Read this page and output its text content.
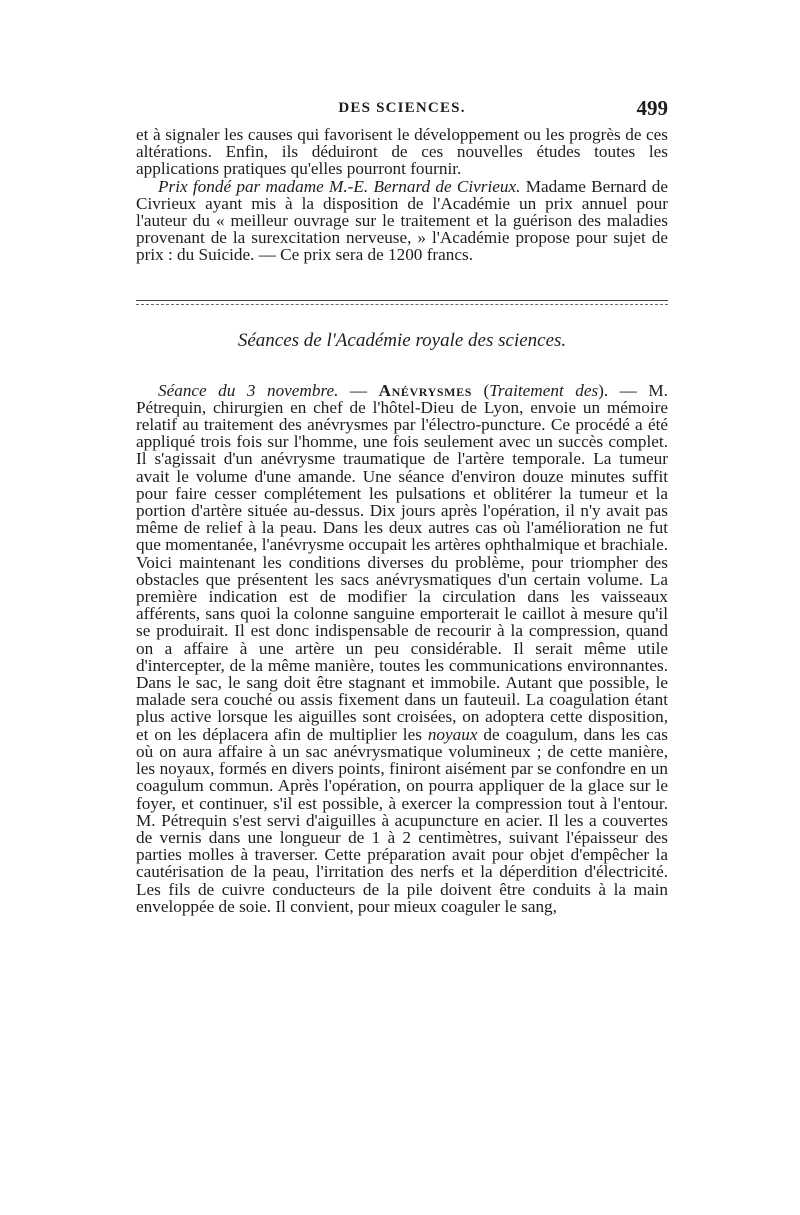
DES SCIENCES.	499

et à signaler les causes qui favorisent le développement ou les progrès de ces altérations. Enfin, ils déduiront de ces nouvelles études toutes les applications pratiques qu'elles pourront fournir.

Prix fondé par madame M.-E. Bernard de Civrieux. Madame Bernard de Civrieux ayant mis à la disposition de l'Académie un prix annuel pour l'auteur du « meilleur ouvrage sur le traitement et la guérison des maladies provenant de la surexcitation nerveuse, » l'Académie propose pour sujet de prix : du Suicide. — Ce prix sera de 1200 francs.

Séances de l'Académie royale des sciences.

Séance du 3 novembre. — Anévrysmes (Traitement des). — M. Pétrequin, chirurgien en chef de l'hôtel-Dieu de Lyon, envoie un mémoire relatif au traitement des anévrysmes par l'électro-puncture. Ce procédé a été appliqué trois fois sur l'homme, une fois seulement avec un succès complet. Il s'agissait d'un anévrysme traumatique de l'artère temporale. La tumeur avait le volume d'une amande. Une séance d'environ douze minutes suffit pour faire cesser complétement les pulsations et oblitérer la tumeur et la portion d'artère située au-dessus. Dix jours après l'opération, il n'y avait pas même de relief à la peau. Dans les deux autres cas où l'amélioration ne fut que momentanée, l'anévrysme occupait les artères ophthalmique et brachiale. Voici maintenant les conditions diverses du problème, pour triompher des obstacles que présentent les sacs anévrysmatiques d'un certain volume. La première indication est de modifier la circulation dans les vaisseaux afférents, sans quoi la colonne sanguine emporterait le caillot à mesure qu'il se produirait. Il est donc indispensable de recourir à la compression, quand on a affaire à une artère un peu considérable. Il serait même utile d'intercepter, de la même manière, toutes les communications environnantes. Dans le sac, le sang doit être stagnant et immobile. Autant que possible, le malade sera couché ou assis fixement dans un fauteuil. La coagulation étant plus active lorsque les aiguilles sont croisées, on adoptera cette disposition, et on les déplacera afin de multiplier les noyaux de coagulum, dans les cas où on aura affaire à un sac anévrysmatique volumineux ; de cette manière, les noyaux, formés en divers points, finiront aisément par se confondre en un coagulum commun. Après l'opération, on pourra appliquer de la glace sur le foyer, et continuer, s'il est possible, à exercer la compression tout à l'entour. M. Pétrequin s'est servi d'aiguilles à acupuncture en acier. Il les a couvertes de vernis dans une longueur de 1 à 2 centimètres, suivant l'épaisseur des parties molles à traverser. Cette préparation avait pour objet d'empêcher la cautérisation de la peau, l'irritation des nerfs et la déperdition d'électricité. Les fils de cuivre conducteurs de la pile doivent être conduits à la main enveloppée de soie. Il convient, pour mieux coaguler le sang,
